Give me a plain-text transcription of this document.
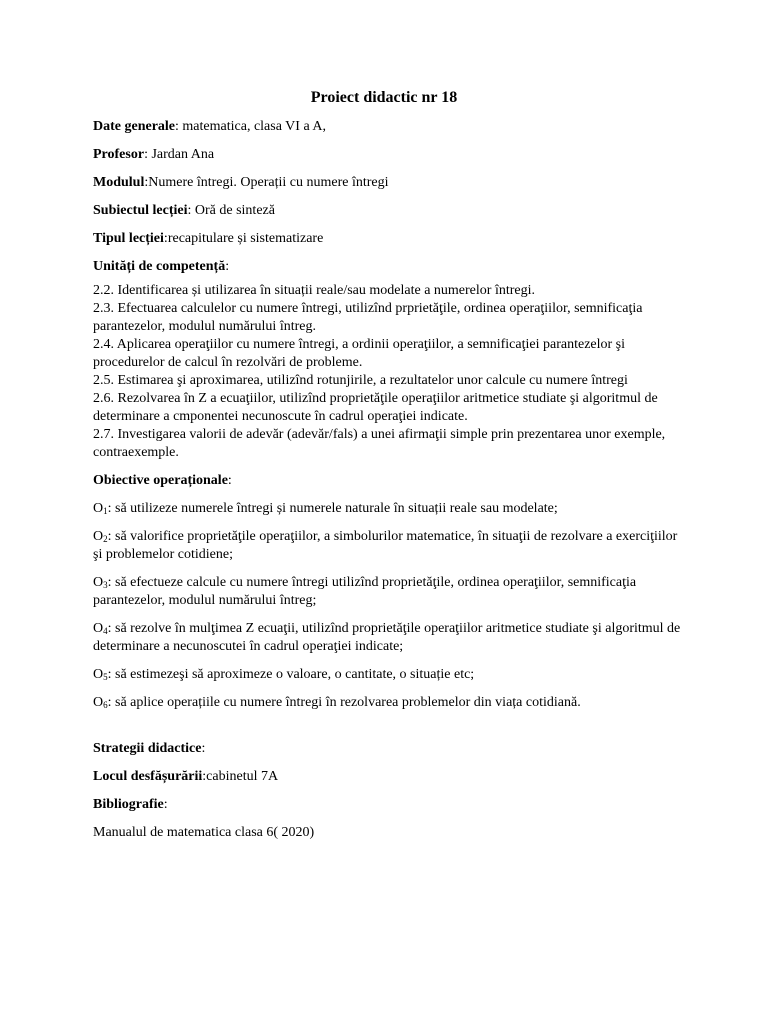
Proiect didactic nr 18

Date generale: matematica, clasa VI a A,

Profesor: Jardan Ana

Modulul:Numere întregi. Operații cu numere întregi

Subiectul lecției: Oră de sinteză

Tipul lecției:recapitulare și sistematizare

Unități de competență:

2.2. Identificarea și utilizarea în situații reale/sau modelate a numerelor întregi.

2.3. Efectuarea calculelor cu numere întregi, utilizînd prprietăţile, ordinea operaţiilor, semnificaţia parantezelor, modulul numărului întreg.

2.4. Aplicarea operaţiilor cu numere întregi, a ordinii operaţiilor, a semnificaţiei parantezelor şi procedurelor de calcul în rezolvări de probleme.

2.5. Estimarea şi aproximarea, utilizînd rotunjirile, a rezultatelor unor calcule cu numere întregi

2.6. Rezolvarea în Z a ecuaţiilor, utilizînd proprietăţile operaţiilor aritmetice studiate şi algoritmul de determinare a cmponentei necunoscute în cadrul operaţiei indicate.

2.7. Investigarea valorii de adevăr (adevăr/fals) a unei afirmaţii simple prin prezentarea unor exemple, contraexemple.

Obiective operaționale:

$O_1$: să utilizeze numerele întregi și numerele naturale în situații reale sau modelate;

$O_2$: să valorifice proprietăţile operaţiilor, a simbolurilor matematice, în situaţii de rezolvare a exerciţiilor şi problemelor cotidiene;

$O_3$: să efectueze calcule cu numere întregi utilizînd proprietăţile, ordinea operaţiilor, semnificaţia parantezelor, modulul numărului întreg;

$O_4$: să rezolve în mulţimea Z ecuaţii, utilizînd proprietăţile operaţiilor aritmetice studiate şi algoritmul de determinare a necunoscutei în cadrul operaţiei indicate;

$O_5$: să estimezeşi să aproximeze o valoare, o cantitate, o situație etc;

$O_6$: să aplice operațiile cu numere întregi în rezolvarea problemelor din viața cotidiană.

Strategii didactice:

Locul desfășurării:cabinetul 7A

Bibliografie:

Manualul de matematica clasa 6( 2020)
